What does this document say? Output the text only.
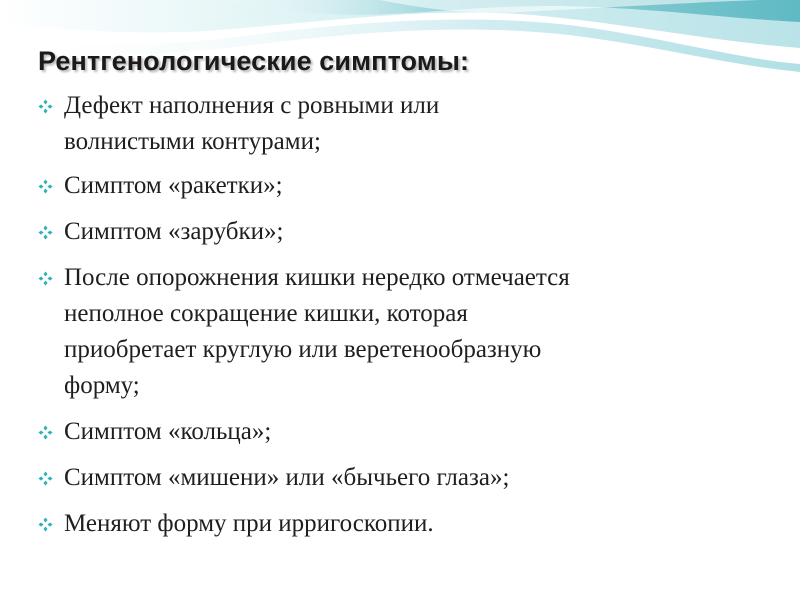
Рентгенологические симптомы:
Дефект наполнения с ровными или
волнистыми контурами;
Симптом «ракетки»;
Симптом «зарубки»;
После опорожнения кишки нередко отмечается
неполное сокращение кишки, которая
приобретает круглую или веретенообразную
форму;
Симптом «кольца»;
Симптом «мишени» или «бычьего глаза»;
Меняют форму при ирригоскопии.
